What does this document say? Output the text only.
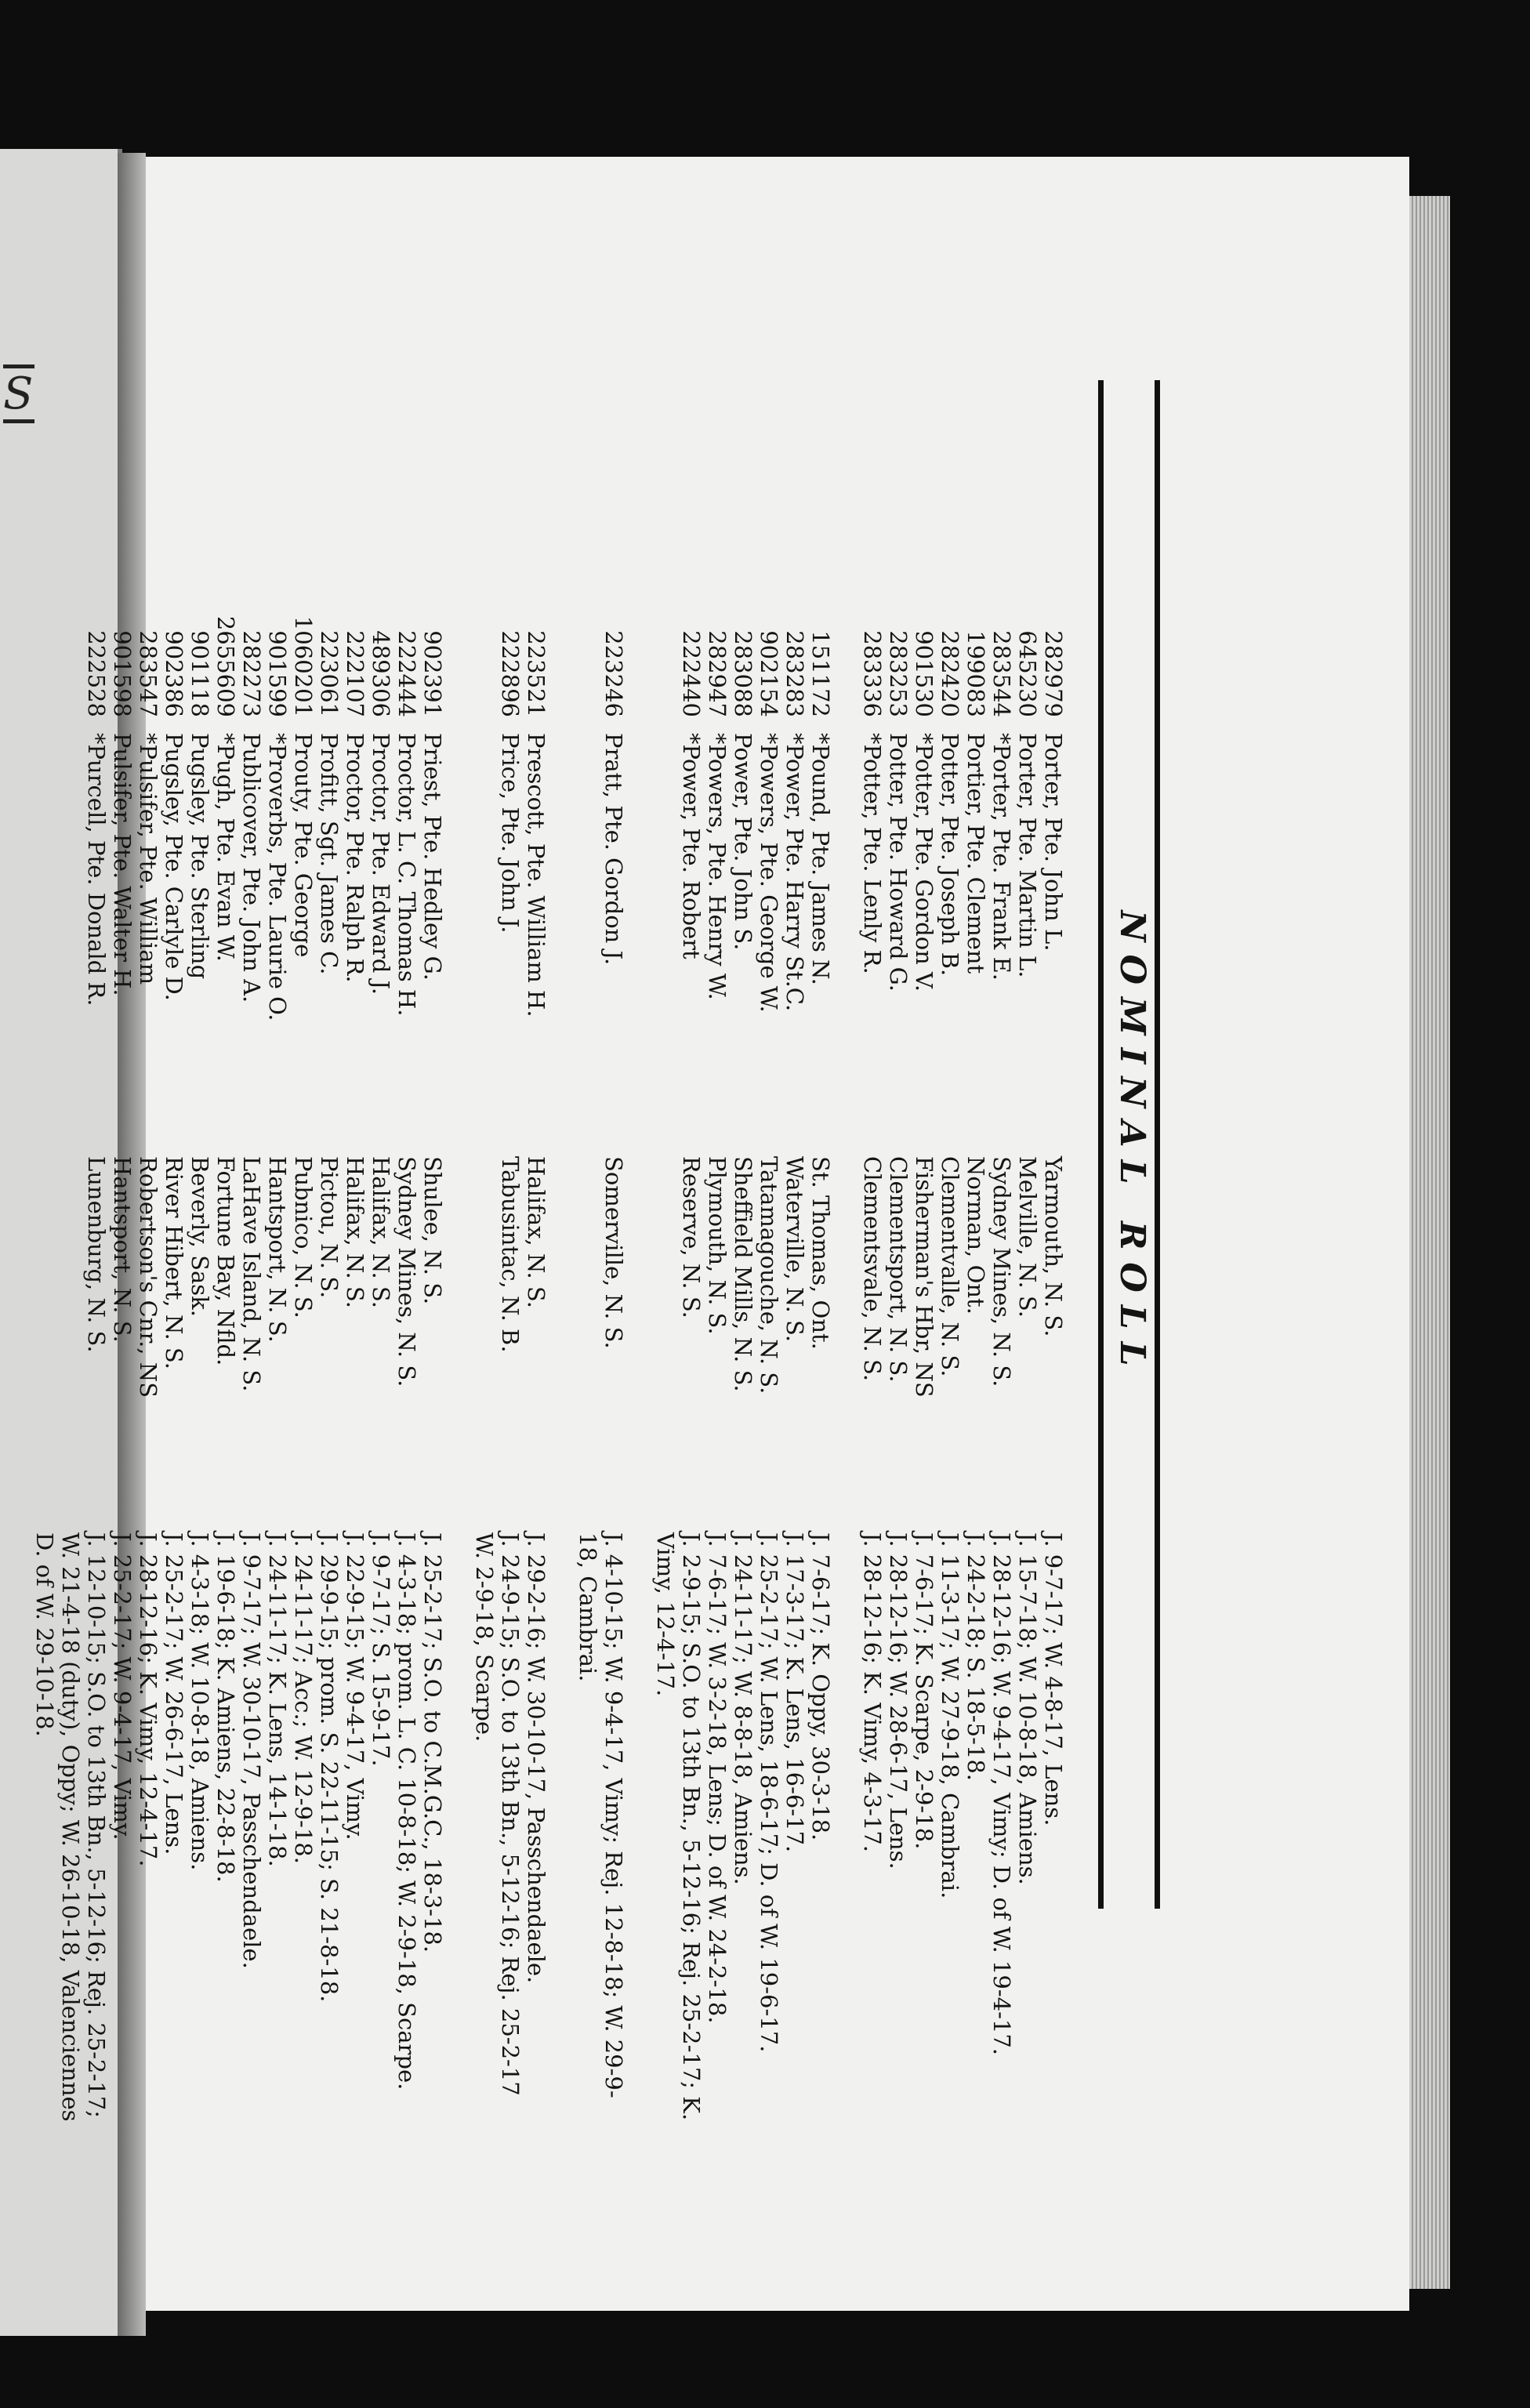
S
NOMINAL ROLL
282979
Porter, Pte. John L.
Yarmouth, N. S.
J. 9-7-17; W. 4-8-17, Lens.
645230
Porter, Pte. Martin L.
Melville, N. S.
J. 15-7-18; W. 10-8-18, Amiens.
283544
*Porter, Pte. Frank E.
Sydney Mines, N. S.
J. 28-12-16; W. 9-4-17, Vimy; D. of W. 19-4-17.
199083
Portier, Pte. Clement
Norman, Ont.
J. 24-2-18; S. 18-5-18.
282420
Potter, Pte. Joseph B.
Clementvalle, N. S.
J. 11-3-17; W. 27-9-18, Cambrai.
901530
*Potter, Pte. Gordon V.
Fisherman's Hbr, NS
J. 7-6-17; K. Scarpe, 2-9-18.
283253
Potter, Pte. Howard G.
Clementsport, N. S.
J. 28-12-16; W. 28-6-17, Lens.
283336
*Potter, Pte. Lenly R.
Clementsvale, N. S.
J. 28-12-16; K. Vimy, 4-3-17.
151172
*Pound, Pte. James N.
St. Thomas, Ont.
J. 7-6-17; K. Oppy, 30-3-18.
283283
*Power, Pte. Harry St.C.
Waterville, N. S.
J. 17-3-17; K. Lens, 16-6-17.
902154
*Powers, Pte. George W.
Tatamagouche, N. S.
J. 25-2-17; W. Lens, 18-6-17; D. of W. 19-6-17.
283088
Power, Pte. John S.
Sheffield Mills, N. S.
J. 24-11-17; W. 8-8-18, Amiens.
282947
*Powers, Pte. Henry W.
Plymouth, N. S.
J. 7-6-17; W. 3-2-18, Lens; D. of W. 24-2-18.
222440
*Power, Pte. Robert
Reserve, N. S.
J. 2-9-15; S.O. to 13th Bn., 5-12-16; Rej. 25-2-17; K. Vimy, 12-4-17.
223246
Pratt, Pte. Gordon J.
Somerville, N. S.
J. 4-10-15; W. 9-4-17, Vimy; Rej. 12-8-18; W. 29-9-18, Cambrai.
223521
Prescott, Pte. William H.
Halifax, N. S.
J. 29-2-16; W. 30-10-17, Passchendaele.
222896
Price, Pte. John J.
Tabusintac, N. B.
J. 24-9-15; S.O. to 13th Bn., 5-12-16; Rej. 25-2-17 W. 2-9-18, Scarpe.
902391
Priest, Pte. Hedley G.
Shulee, N. S.
J. 25-2-17; S.O. to C.M.G.C., 18-3-18.
222444
Proctor, L. C. Thomas H.
Sydney Mines, N. S.
J. 4-3-18; prom. L. C. 10-8-18; W. 2-9-18, Scarpe.
489306
Proctor, Pte. Edward J.
Halifax, N. S.
J. 9-7-17; S. 15-9-17.
222107
Proctor, Pte. Ralph R.
Halifax, N. S.
J. 22-9-15; W. 9-4-17, Vimy.
223061
Profitt, Sgt. James C.
Pictou, N. S.
J. 29-9-15; prom. S. 22-11-15; S. 21-8-18.
1060201
Prouty, Pte. George
Pubnico, N. S.
J. 24-11-17; Acc.; W. 12-9-18.
901599
*Proverbs, Pte. Laurie O.
Hantsport, N. S.
J. 24-11-17; K. Lens, 14-1-18.
282273
Publicover, Pte. John A.
LaHave Island, N. S.
J. 9-7-17; W. 30-10-17, Passchendaele.
2655609
*Pugh, Pte. Evan W.
Fortune Bay, Nfld.
J. 19-6-18; K. Amiens, 22-8-18.
901118
Pugsley, Pte. Sterling
Beverly, Sask.
J. 4-3-18; W. 10-8-18, Amiens.
902386
Pugsley, Pte. Carlyle D.
River Hibert, N. S.
J. 25-2-17; W. 26-6-17, Lens.
283547
*Pulsifer, Pte. William
Robertson's Cnr., NS
J. 28-12-16; K. Vimy, 12-4-17.
901598
Pulsifer, Pte. Walter H.
Hantsport, N. S.
J. 25-2-17; W. 9-4-17, Vimy.
222528
*Purcell, Pte. Donald R.
Lunenburg, N. S.
J. 12-10-15; S.O. to 13th Bn., 5-12-16; Rej. 25-2-17; W. 21-4-18 (duty), Oppy; W. 26-10-18, Valenciennes D. of W. 29-10-18.
